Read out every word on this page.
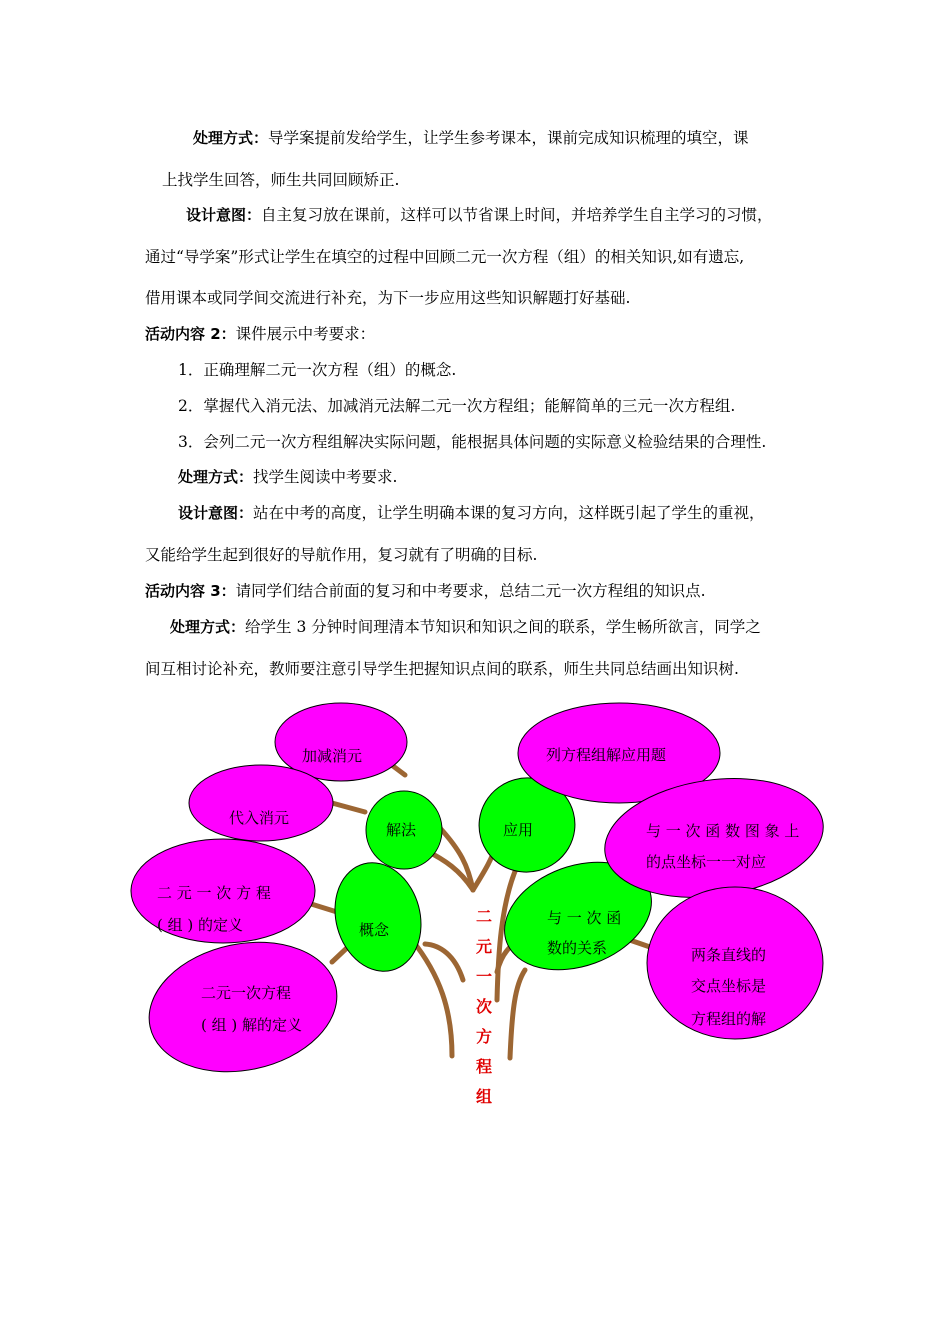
处理方式：导学案提前发给学生，让学生参考课本，课前完成知识梳理的填空，课
上找学生回答，师生共同回顾矫正.
设计意图：自主复习放在课前，这样可以节省课上时间，并培养学生自主学习的习惯，
通过“导学案”形式让学生在填空的过程中回顾二元一次方程（组）的相关知识,如有遗忘,
借用课本或同学间交流进行补充，为下一步应用这些知识解题打好基础.
活动内容 2：课件展示中考要求：
1．正确理解二元一次方程（组）的概念.
2．掌握代入消元法、加减消元法解二元一次方程组；能解简单的三元一次方程组.
3．会列二元一次方程组解决实际问题，能根据具体问题的实际意义检验结果的合理性.
处理方式：找学生阅读中考要求.
设计意图：站在中考的高度，让学生明确本课的复习方向，这样既引起了学生的重视，
又能给学生起到很好的导航作用，复习就有了明确的目标.
活动内容 3：请同学们结合前面的复习和中考要求，总结二元一次方程组的知识点.
处理方式：给学生 3 分钟时间理清本节知识和知识之间的联系，学生畅所欲言，同学之
间互相讨论补充，教师要注意引导学生把握知识点间的联系，师生共同总结画出知识树.
加减消元
代入消元
解法	应用
列方程组解应用题
与 一 次 函 数 图 象 上
的点坐标一一对应
二 元 一 次 方 程
( 组 ) 的定义	概念
与 一 次 函
数的关系	两条直线的
交点坐标是
方程组的解
二元一次方程
( 组 ) 解的定义
二
元
一
次
方
程
组
